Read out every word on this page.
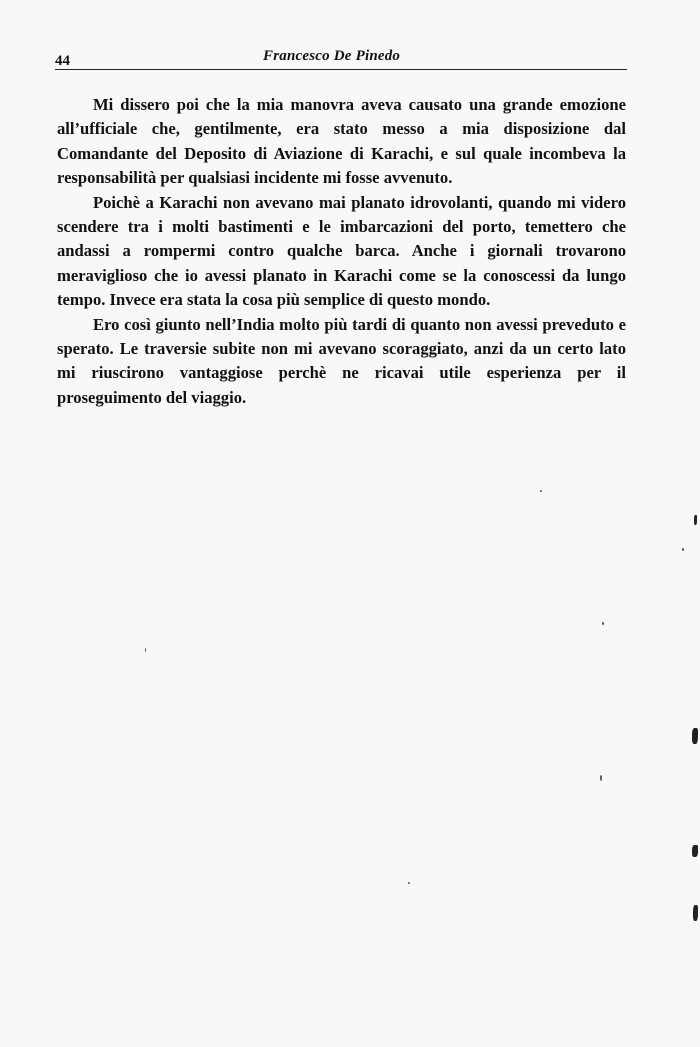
44	Francesco De Pinedo

Mi dissero poi che la mia manovra aveva causato una grande emozione all’ufficiale che, gentilmente, era stato messo a mia disposizione dal Comandante del Deposito di Aviazione di Karachi, e sul quale incombeva la responsabilità per qualsiasi incidente mi fosse avvenuto.

Poichè a Karachi non avevano mai planato idrovolanti, quando mi videro scendere tra i molti bastimenti e le imbarcazioni del porto, temettero che andassi a rompermi contro qualche barca. Anche i giornali trovarono meraviglioso che io avessi planato in Karachi come se la conoscessi da lungo tempo. Invece era stata la cosa più semplice di questo mondo.

Ero così giunto nell’India molto più tardi di quanto non avessi preveduto e sperato. Le traversie subite non mi avevano scoraggiato, anzi da un certo lato mi riuscirono vantaggiose perchè ne ricavai utile esperienza per il proseguimento del viaggio.
